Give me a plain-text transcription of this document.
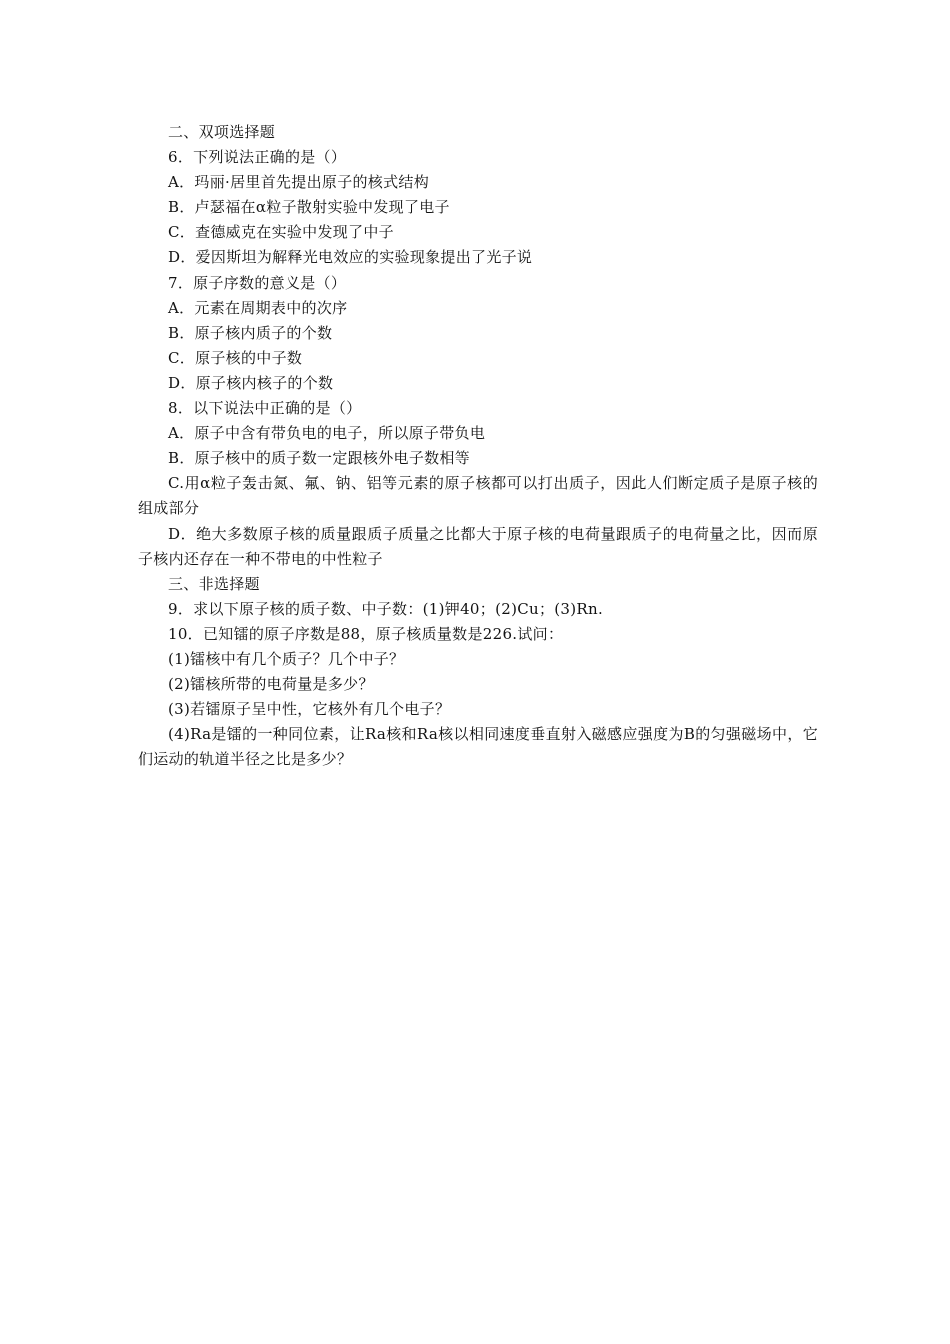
二、双项选择题
6．下列说法正确的是（）
A．玛丽·居里首先提出原子的核式结构
B．卢瑟福在α粒子散射实验中发现了电子
C．查德威克在实验中发现了中子
D．爱因斯坦为解释光电效应的实验现象提出了光子说
7．原子序数的意义是（）
A．元素在周期表中的次序
B．原子核内质子的个数
C．原子核的中子数
D．原子核内核子的个数
8．以下说法中正确的是（）
A．原子中含有带负电的电子，所以原子带负电
B．原子核中的质子数一定跟核外电子数相等
C.用α粒子轰击氮、氟、钠、铝等元素的原子核都可以打出质子，因此人们断定质子是原子核的组成部分
D．绝大多数原子核的质量跟质子质量之比都大于原子核的电荷量跟质子的电荷量之比，因而原子核内还存在一种不带电的中性粒子
三、非选择题
9．求以下原子核的质子数、中子数：(1)钾40；(2)Cu；(3)Rn.
10．已知镭的原子序数是88，原子核质量数是226.试问：
(1)镭核中有几个质子？几个中子？
(2)镭核所带的电荷量是多少？
(3)若镭原子呈中性，它核外有几个电子？
(4)Ra是镭的一种同位素，让Ra核和Ra核以相同速度垂直射入磁感应强度为B的匀强磁场中，它们运动的轨道半径之比是多少？
